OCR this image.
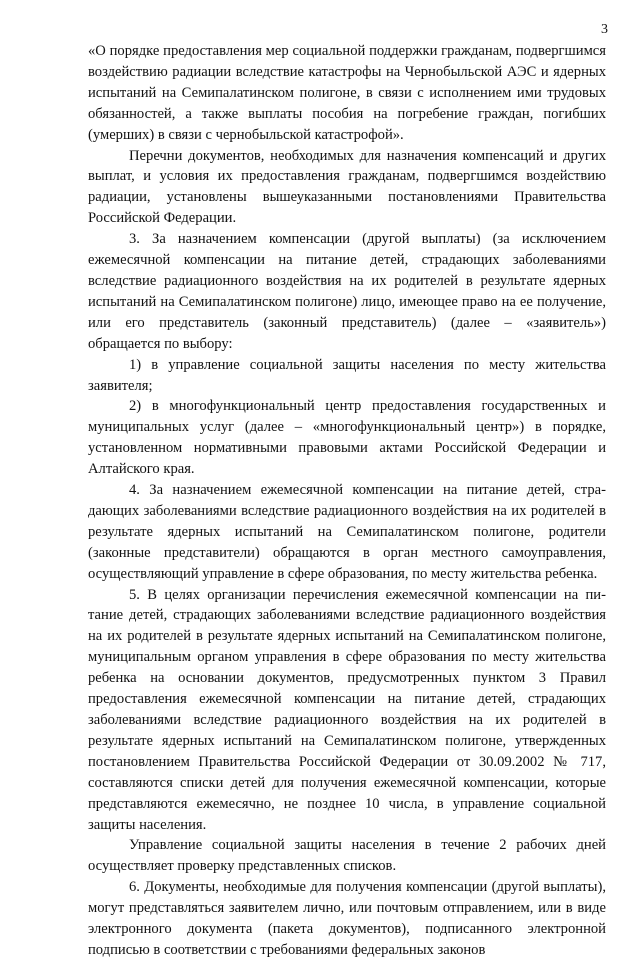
3

«О порядке предоставления мер социальной поддержки гражданам, подвергшимся воздействию радиации вследствие катастрофы на Чернобыльской АЭС и ядерных испытаний на Семипалатинском полигоне, в связи с исполнением ими трудовых обязанностей, а также выплаты пособия на погребение граждан, погибших (умерших) в связи с чернобыльской катастрофой».

Перечни документов, необходимых для назначения компенсаций и других выплат, и условия их предоставления гражданам, подвергшимся воздействию радиации, установлены вышеуказанными постановлениями Правительства Российской Федерации.

3. За назначением компенсации (другой выплаты) (за исключением ежемесячной компенсации на питание детей, страдающих заболеваниями вследствие радиационного воздействия на их родителей в результате ядерных испытаний на Семипалатинском полигоне) лицо, имеющее право на ее получение, или его представитель (законный представитель) (далее – «заявитель») обращается по выбору:

1) в управление социальной защиты населения по месту жительства заявителя;

2) в многофункциональный центр предоставления государственных и муниципальных услуг (далее – «многофункциональный центр») в порядке, установленном нормативными правовыми актами Российской Федерации и Алтайского края.

4. За назначением ежемесячной компенсации на питание детей, страдающих заболеваниями вследствие радиационного воздействия на их родителей в результате ядерных испытаний на Семипалатинском полигоне, родители (законные представители) обращаются в орган местного самоуправления, осуществляющий управление в сфере образования, по месту жительства ребенка.

5. В целях организации перечисления ежемесячной компенсации на питание детей, страдающих заболеваниями вследствие радиационного воздействия на их родителей в результате ядерных испытаний на Семипалатинском полигоне, муниципальным органом управления в сфере образования по месту жительства ребенка на основании документов, предусмотренных пунктом 3 Правил предоставления ежемесячной компенсации на питание детей, страдающих заболеваниями вследствие радиационного воздействия на их родителей в результате ядерных испытаний на Семипалатинском полигоне, утвержденных постановлением Правительства Российской Федерации от 30.09.2002 № 717, составляются списки детей для получения ежемесячной компенсации, которые представляются ежемесячно, не позднее 10 числа, в управление социальной защиты населения.

Управление социальной защиты населения в течение 2 рабочих дней осуществляет проверку представленных списков.

6. Документы, необходимые для получения компенсации (другой выплаты), могут представляться заявителем лично, или почтовым отправлением, или в виде электронного документа (пакета документов), подписанного электронной подписью в соответствии с требованиями федеральных законов
